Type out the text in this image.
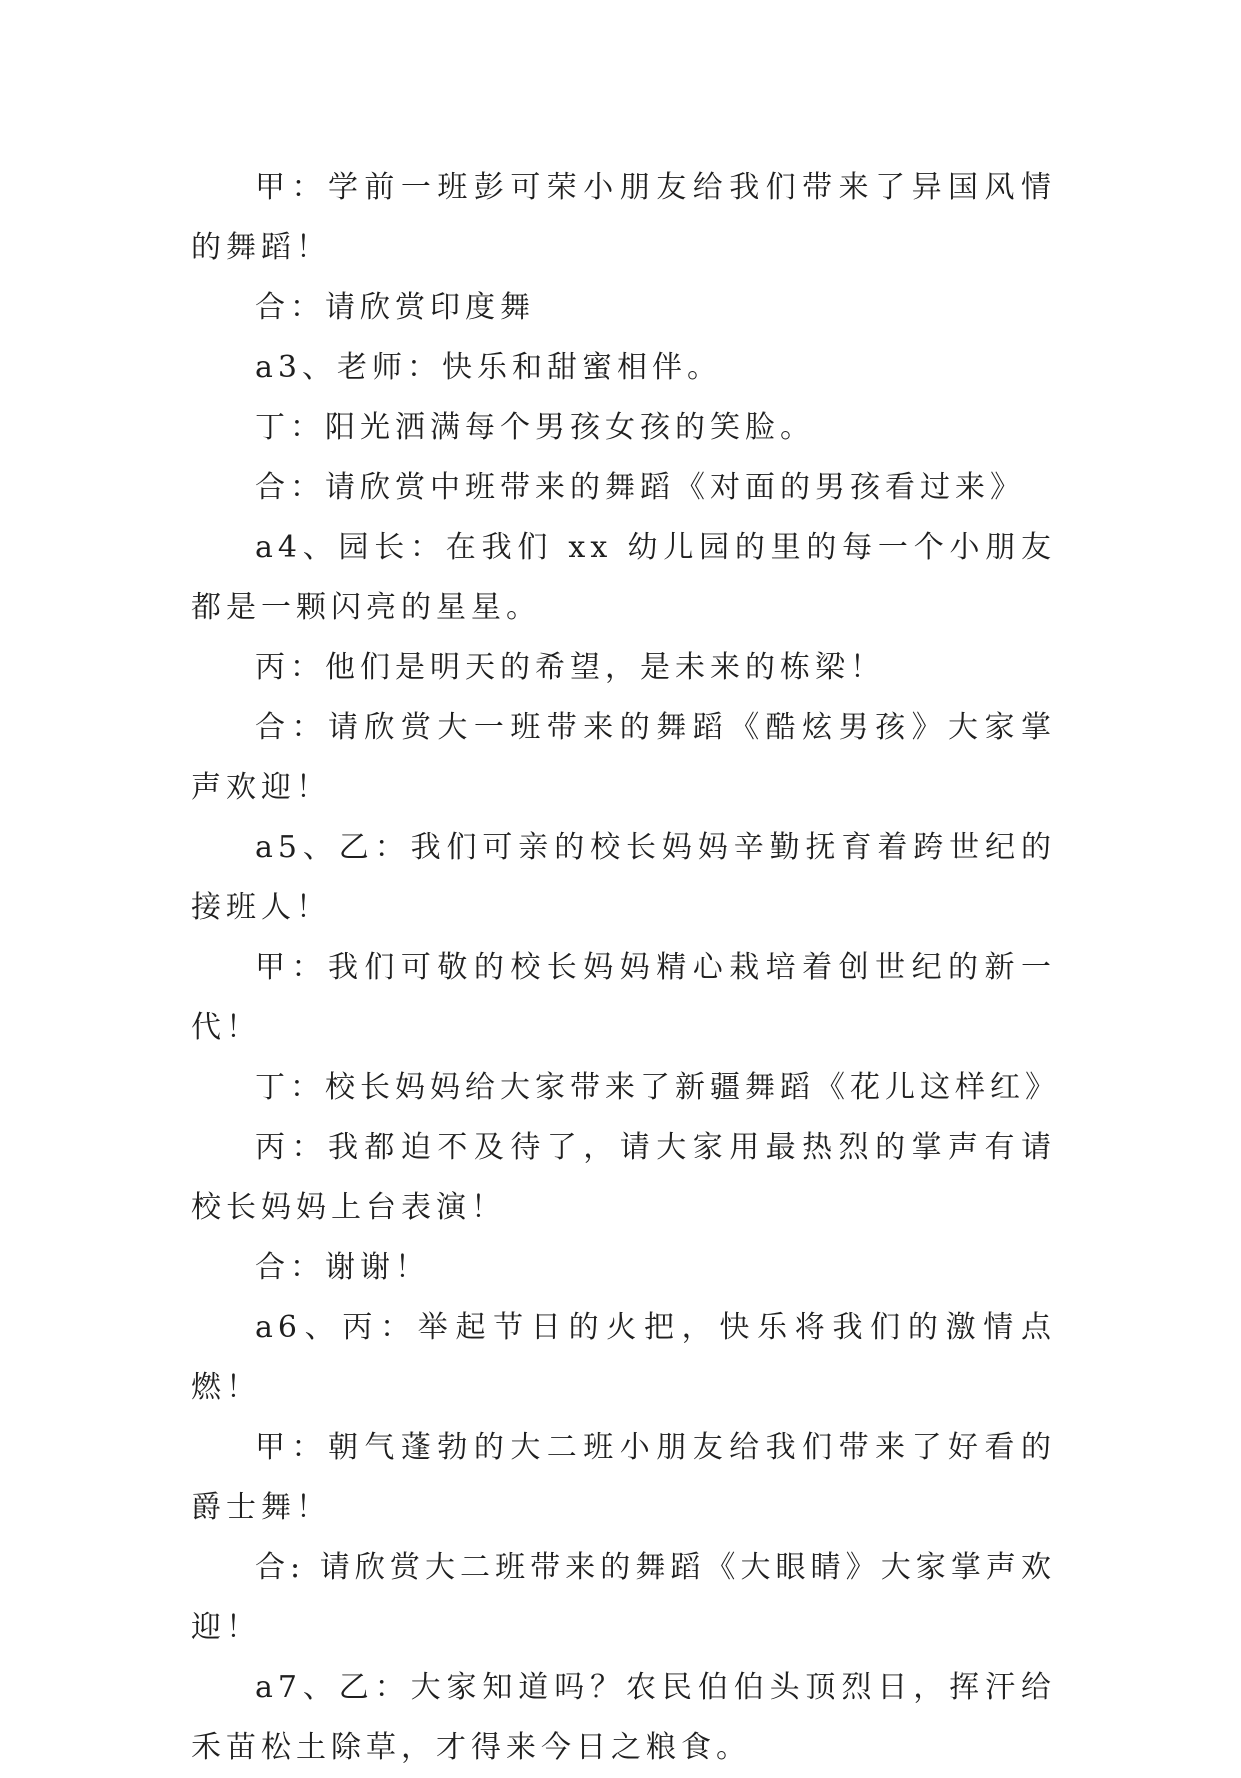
甲：学前一班彭可荣小朋友给我们带来了异国风情的舞蹈！

合：请欣赏印度舞

a3、老师：快乐和甜蜜相伴。

丁：阳光洒满每个男孩女孩的笑脸。

合：请欣赏中班带来的舞蹈《对面的男孩看过来》

a4、园长：在我们 xx 幼儿园的里的每一个小朋友都是一颗闪亮的星星。

丙：他们是明天的希望，是未来的栋梁！

合：请欣赏大一班带来的舞蹈《酷炫男孩》大家掌声欢迎！

a5、乙：我们可亲的校长妈妈辛勤抚育着跨世纪的接班人！

甲：我们可敬的校长妈妈精心栽培着创世纪的新一代！

丁：校长妈妈给大家带来了新疆舞蹈《花儿这样红》

丙：我都迫不及待了，请大家用最热烈的掌声有请校长妈妈上台表演！

合：谢谢！

a6、丙：举起节日的火把，快乐将我们的激情点燃！

甲：朝气蓬勃的大二班小朋友给我们带来了好看的爵士舞！

合: 请欣赏大二班带来的舞蹈《大眼睛》大家掌声欢迎！

a7、乙：大家知道吗？农民伯伯头顶烈日，挥汗给禾苗松土除草，才得来今日之粮食。
